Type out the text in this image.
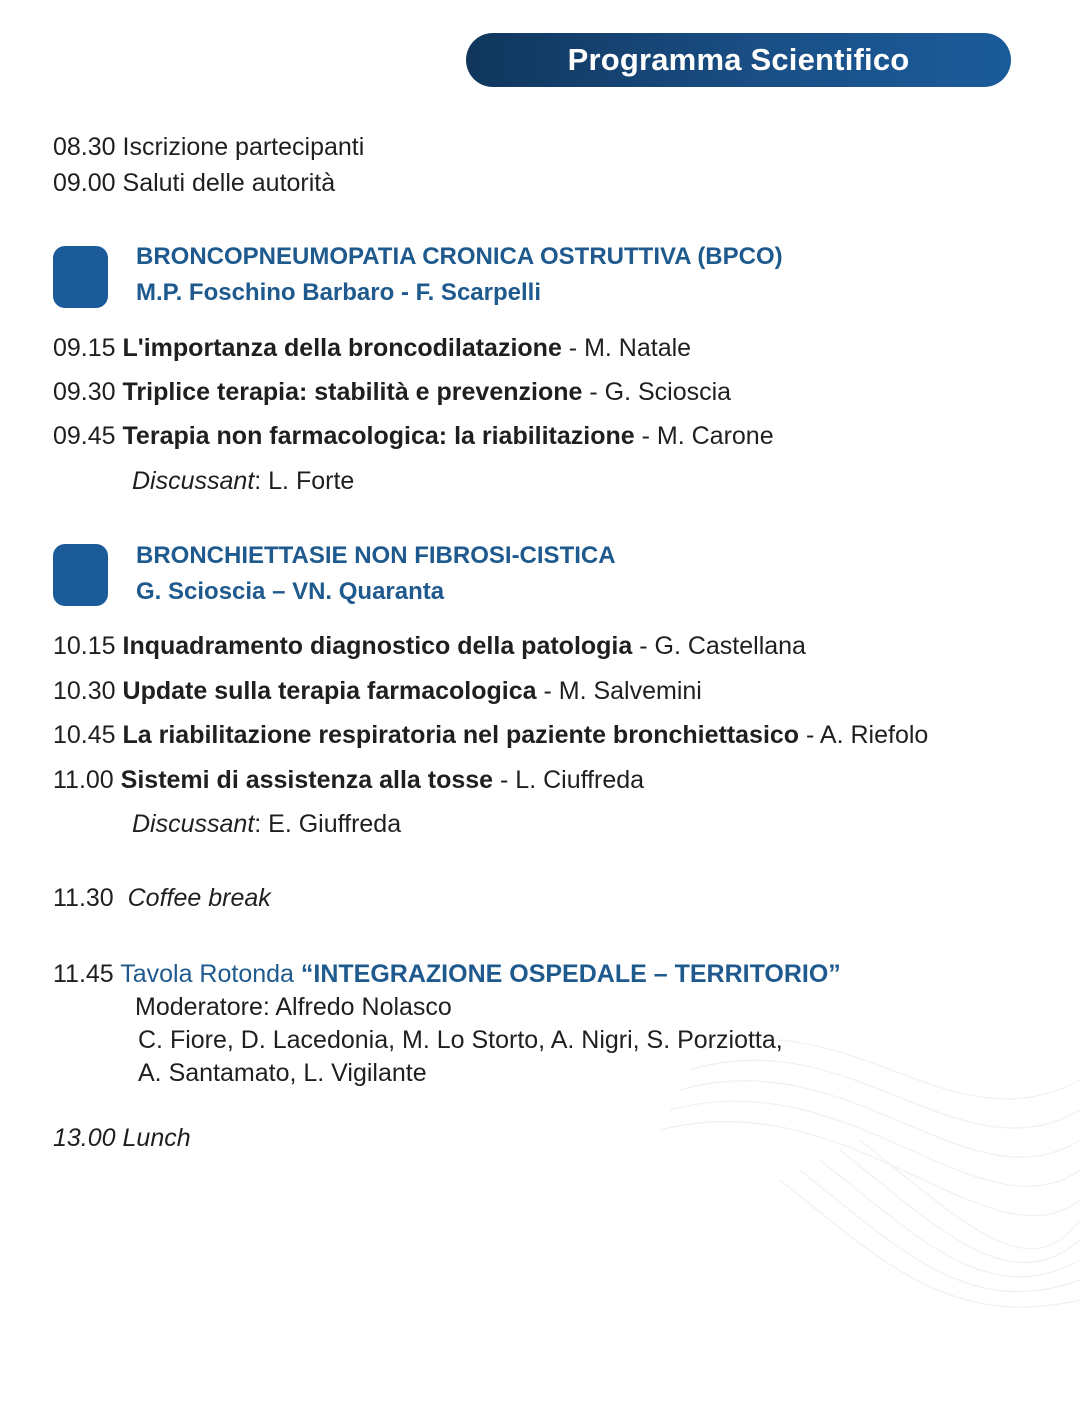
Programma Scientifico
08.30 Iscrizione partecipanti
09.00 Saluti delle autorità
BRONCOPNEUMOPATIA CRONICA OSTRUTTIVA (BPCO)
M.P. Foschino Barbaro - F. Scarpelli
09.15 L'importanza della broncodilatazione - M. Natale
09.30 Triplice terapia: stabilità e prevenzione - G. Scioscia
09.45 Terapia non farmacologica: la riabilitazione - M. Carone
Discussant: L. Forte
BRONCHIETTASIE NON FIBROSI-CISTICA
G. Scioscia – VN. Quaranta
10.15 Inquadramento diagnostico della patologia - G. Castellana
10.30 Update sulla terapia farmacologica - M. Salvemini
10.45 La riabilitazione respiratoria nel paziente bronchiettasico - A. Riefolo
11.00 Sistemi di assistenza alla tosse - L. Ciuffreda
Discussant: E. Giuffreda
11.30 Coffee break
11.45 Tavola Rotonda “INTEGRAZIONE OSPEDALE – TERRITORIO”
Moderatore: Alfredo Nolasco
C. Fiore, D. Lacedonia, M. Lo Storto, A. Nigri, S. Porziotta,
A. Santamato, L. Vigilante
13.00 Lunch
